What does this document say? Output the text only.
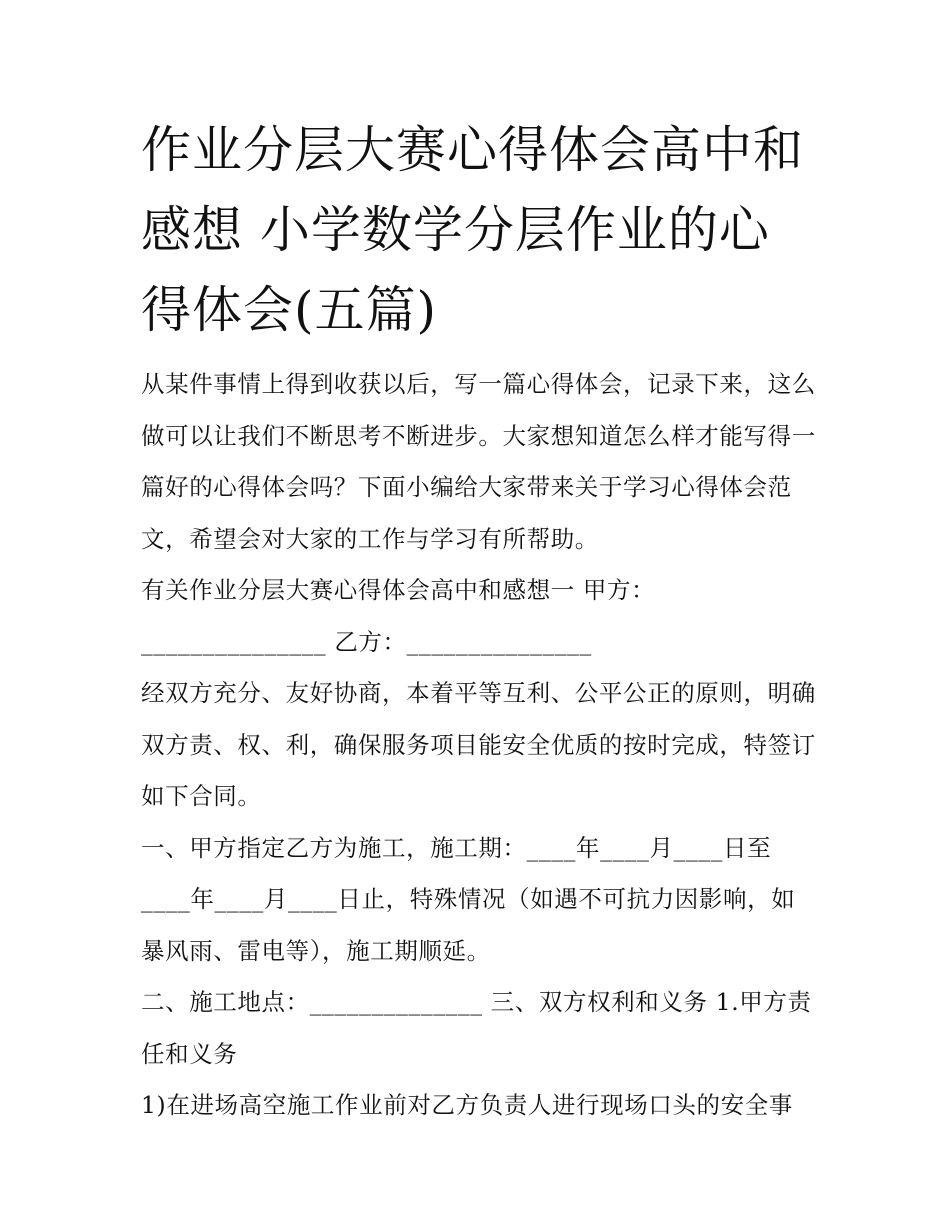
作业分层大赛心得体会高中和感想 小学数学分层作业的心得体会(五篇)

从某件事情上得到收获以后，写一篇心得体会，记录下来，这么做可以让我们不断思考不断进步。大家想知道怎么样才能写得一篇好的心得体会吗？下面小编给大家带来关于学习心得体会范文，希望会对大家的工作与学习有所帮助。

有关作业分层大赛心得体会高中和感想一 甲方：

_______________ 乙方：_______________

经双方充分、友好协商，本着平等互利、公平公正的原则，明确双方责、权、利，确保服务项目能安全优质的按时完成，特签订如下合同。

一、甲方指定乙方为施工，施工期：____年____月____日至____年____月____日止，特殊情况（如遇不可抗力因影响，如暴风雨、雷电等），施工期顺延。

二、施工地点：______________ 三、双方权利和义务 1.甲方责任和义务

1)在进场高空施工作业前对乙方负责人进行现场口头的安全事
